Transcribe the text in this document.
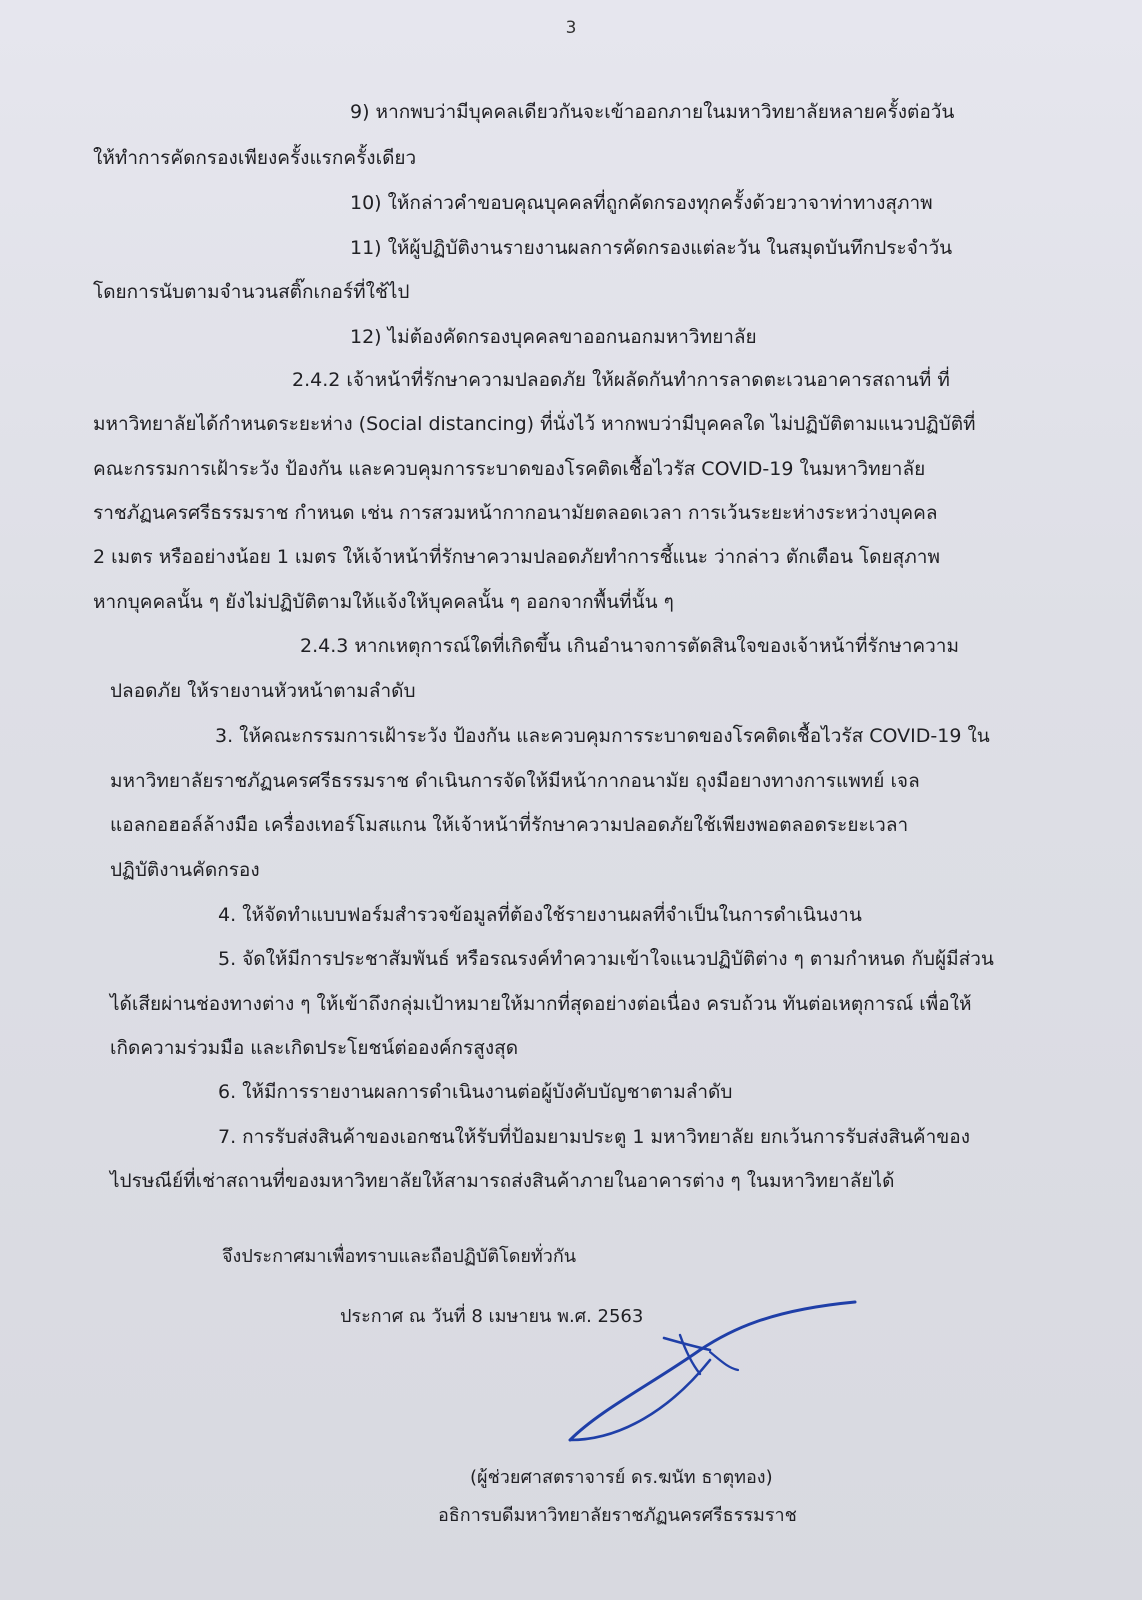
3
9) หากพบว่ามีบุคคลเดียวกันจะเข้าออกภายในมหาวิทยาลัยหลายครั้งต่อวัน
ให้ทำการคัดกรองเพียงครั้งแรกครั้งเดียว
10) ให้กล่าวคำขอบคุณบุคคลที่ถูกคัดกรองทุกครั้งด้วยวาจาท่าทางสุภาพ
11) ให้ผู้ปฏิบัติงานรายงานผลการคัดกรองแต่ละวัน ในสมุดบันทึกประจำวัน
โดยการนับตามจำนวนสติ๊กเกอร์ที่ใช้ไป
12) ไม่ต้องคัดกรองบุคคลขาออกนอกมหาวิทยาลัย
2.4.2 เจ้าหน้าที่รักษาความปลอดภัย ให้ผลัดกันทำการลาดตะเวนอาคารสถานที่ ที่
มหาวิทยาลัยได้กำหนดระยะห่าง (Social distancing) ที่นั่งไว้ หากพบว่ามีบุคคลใด ไม่ปฏิบัติตามแนวปฏิบัติที่
คณะกรรมการเฝ้าระวัง ป้องกัน และควบคุมการระบาดของโรคติดเชื้อไวรัส COVID-19 ในมหาวิทยาลัย
ราชภัฏนครศรีธรรมราช กำหนด เช่น การสวมหน้ากากอนามัยตลอดเวลา การเว้นระยะห่างระหว่างบุคคล
2 เมตร หรืออย่างน้อย 1 เมตร ให้เจ้าหน้าที่รักษาความปลอดภัยทำการชี้แนะ ว่ากล่าว ตักเตือน โดยสุภาพ
หากบุคคลนั้น ๆ ยังไม่ปฏิบัติตามให้แจ้งให้บุคคลนั้น ๆ ออกจากพื้นที่นั้น ๆ
2.4.3 หากเหตุการณ์ใดที่เกิดขึ้น เกินอำนาจการตัดสินใจของเจ้าหน้าที่รักษาความ
ปลอดภัย ให้รายงานหัวหน้าตามลำดับ
3. ให้คณะกรรมการเฝ้าระวัง ป้องกัน และควบคุมการระบาดของโรคติดเชื้อไวรัส COVID-19 ใน
มหาวิทยาลัยราชภัฏนครศรีธรรมราช ดำเนินการจัดให้มีหน้ากากอนามัย ถุงมือยางทางการแพทย์ เจล
แอลกอฮอล์ล้างมือ เครื่องเทอร์โมสแกน ให้เจ้าหน้าที่รักษาความปลอดภัยใช้เพียงพอตลอดระยะเวลา
ปฏิบัติงานคัดกรอง
4. ให้จัดทำแบบฟอร์มสำรวจข้อมูลที่ต้องใช้รายงานผลที่จำเป็นในการดำเนินงาน
5. จัดให้มีการประชาสัมพันธ์ หรือรณรงค์ทำความเข้าใจแนวปฏิบัติต่าง ๆ ตามกำหนด กับผู้มีส่วน
ได้เสียผ่านช่องทางต่าง ๆ ให้เข้าถึงกลุ่มเป้าหมายให้มากที่สุดอย่างต่อเนื่อง ครบถ้วน ทันต่อเหตุการณ์ เพื่อให้
เกิดความร่วมมือ และเกิดประโยชน์ต่อองค์กรสูงสุด
6. ให้มีการรายงานผลการดำเนินงานต่อผู้บังคับบัญชาตามลำดับ
7. การรับส่งสินค้าของเอกชนให้รับที่ป้อมยามประตู 1 มหาวิทยาลัย ยกเว้นการรับส่งสินค้าของ
ไปรษณีย์ที่เช่าสถานที่ของมหาวิทยาลัยให้สามารถส่งสินค้าภายในอาคารต่าง ๆ ในมหาวิทยาลัยได้
จึงประกาศมาเพื่อทราบและถือปฏิบัติโดยทั่วกัน
ประกาศ ณ วันที่ 8 เมษายน พ.ศ. 2563
(ผู้ช่วยศาสตราจารย์ ดร.ฆนัท ธาตุทอง)
อธิการบดีมหาวิทยาลัยราชภัฏนครศรีธรรมราช
